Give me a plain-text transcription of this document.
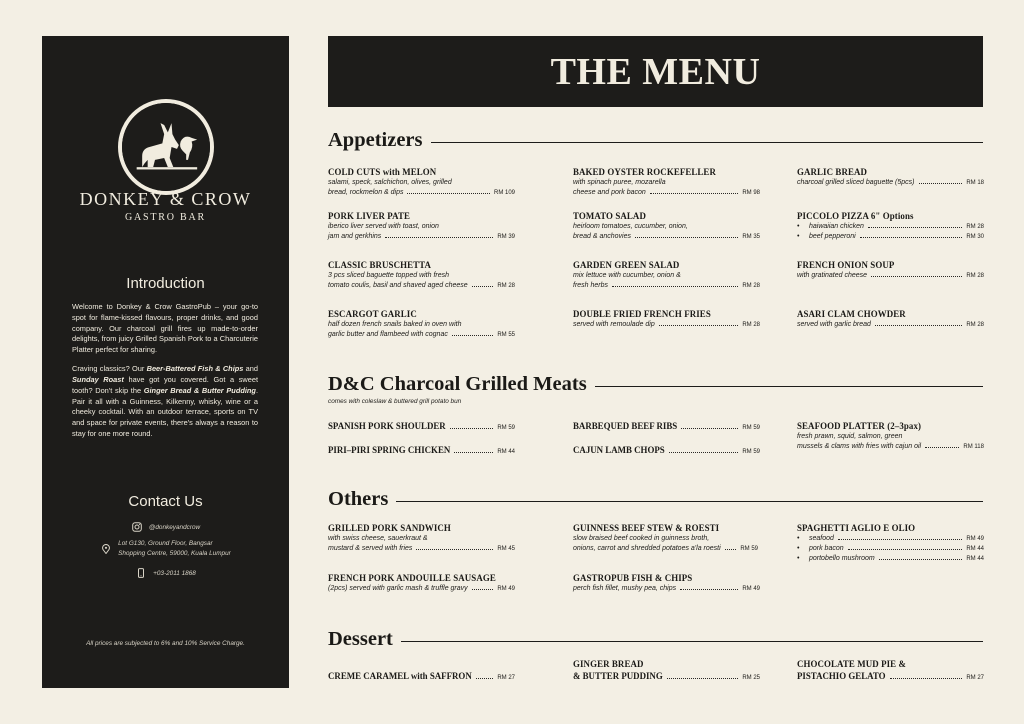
DONKEY & CROW
GASTRO BAR
Introduction

Welcome to Donkey & Crow GastroPub – your go-to spot for flame-kissed flavours, proper drinks, and good company. Our charcoal grill fires up made-to-order delights, from juicy Grilled Spanish Pork to a Charcuterie Platter perfect for sharing.

Craving classics? Our Beer-Battered Fish & Chips and Sunday Roast have got you covered. Got a sweet tooth? Don't skip the Ginger Bread & Butter Pudding. Pair it all with a Guinness, Kilkenny, whisky, wine or a cheeky cocktail. With an outdoor terrace, sports on TV and space for private events, there's always a reason to stay for one more round.

Contact Us
@donkeyandcrow
Lot G130, Ground Floor, Bangsar
Shopping Centre, 59000, Kuala Lumpur
+03-2011 1868
All prices are subjected to 6% and 10% Service Charge.
THE MENU
Appetizers
D&C Charcoal Grilled Meats
comes with coleslaw & buttered grill potato bun
Others
Dessert
COLD CUTS with MELON
salami, speck, salchichon, olives, grilled
bread, rockmelon & dips	RM 109
PORK LIVER PATE
iberico liver served with toast, onion
jam and gerkhins	RM 39
CLASSIC BRUSCHETTA
3 pcs sliced baguette topped with fresh
tomato coulis, basil and shaved aged cheese	RM 28
ESCARGOT GARLIC
half dozen french snails baked in oven with
garlic butter and flambeed with cognac	RM 55
BAKED OYSTER ROCKEFELLER
with spinach puree, mozarella
cheese and pork bacon	RM 98
TOMATO SALAD
heirloom tomatoes, cucumber, onion,
bread & anchovies	RM 35
GARDEN GREEN SALAD
mix lettuce with cucumber, onion &
fresh herbs	RM 28
DOUBLE FRIED FRENCH FRIES
served with remoulade dip	RM 28
GARLIC BREAD
charcoal grilled sliced baguette (5pcs)	RM 18
PICCOLO PIZZA 6" Options
•	haiwaiian chicken	RM 28
•	beef pepperoni	RM 30
FRENCH ONION SOUP
with gratinated cheese	RM 28
ASARI CLAM CHOWDER
served with garlic bread	RM 28
SPANISH PORK SHOULDER	RM 59
PIRI–PIRI SPRING CHICKEN	RM 44
BARBEQUED BEEF RIBS	RM 59
CAJUN LAMB CHOPS	RM 59
SEAFOOD PLATTER (2–3pax)
fresh prawn, squid, salmon, green
mussels & clams with fries with cajun oil	RM 118
GRILLED PORK SANDWICH
with swiss cheese, sauerkraut &
mustard & served with fries	RM 45
FRENCH PORK ANDOUILLE SAUSAGE
(2pcs) served with garlic mash & truffle gravy	RM 49
GUINNESS BEEF STEW & ROESTI
slow braised beef cooked in guinness broth,
onions, carrot and shredded potatoes a'la roesti	RM 59
GASTROPUB FISH & CHIPS
perch fish fillet, mushy pea, chips	RM 49
SPAGHETTI AGLIO E OLIO
•	seafood	RM 49
•	pork bacon	RM 44
•	portobello mushroom	RM 44
CREME CARAMEL with SAFFRON	RM 27
GINGER BREAD
& BUTTER PUDDING	RM 25
CHOCOLATE MUD PIE &
PISTACHIO GELATO	RM 27
